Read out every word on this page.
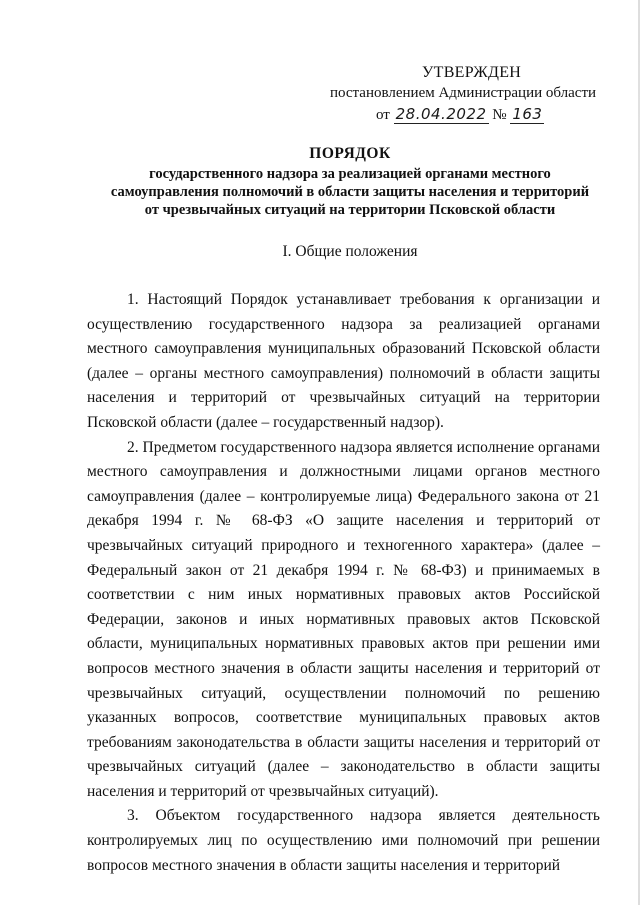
УТВЕРЖДЕН
постановлением Администрации области
от 28.04.2022 № 163
ПОРЯДОК
государственного надзора за реализацией органами местного
самоуправления полномочий в области защиты населения и территорий
от чрезвычайных ситуаций на территории Псковской области
I. Общие положения

1. Настоящий Порядок устанавливает требования к организации и осуществлению государственного надзора за реализацией органами местного самоуправления муниципальных образований Псковской области (далее – органы местного самоуправления) полномочий в области защиты населения и территорий от чрезвычайных ситуаций на территории Псковской области (далее – государственный надзор).

2. Предметом государственного надзора является исполнение органами местного самоуправления и должностными лицами органов местного самоуправления (далее – контролируемые лица) Федерального закона от 21 декабря 1994 г. № 68-ФЗ «О защите населения и территорий от чрезвычайных ситуаций природного и техногенного характера» (далее – Федеральный закон от 21 декабря 1994 г. № 68-ФЗ) и принимаемых в соответствии с ним иных нормативных правовых актов Российской Федерации, законов и иных нормативных правовых актов Псковской области, муниципальных нормативных правовых актов при решении ими вопросов местного значения в области защиты населения и территорий от чрезвычайных ситуаций, осуществлении полномочий по решению указанных вопросов, соответствие муниципальных правовых актов требованиям законодательства в области защиты населения и территорий от чрезвычайных ситуаций (далее – законодательство в области защиты населения и территорий от чрезвычайных ситуаций).

3. Объектом государственного надзора является деятельность контролируемых лиц по осуществлению ими полномочий при решении вопросов местного значения в области защиты населения и территорий
